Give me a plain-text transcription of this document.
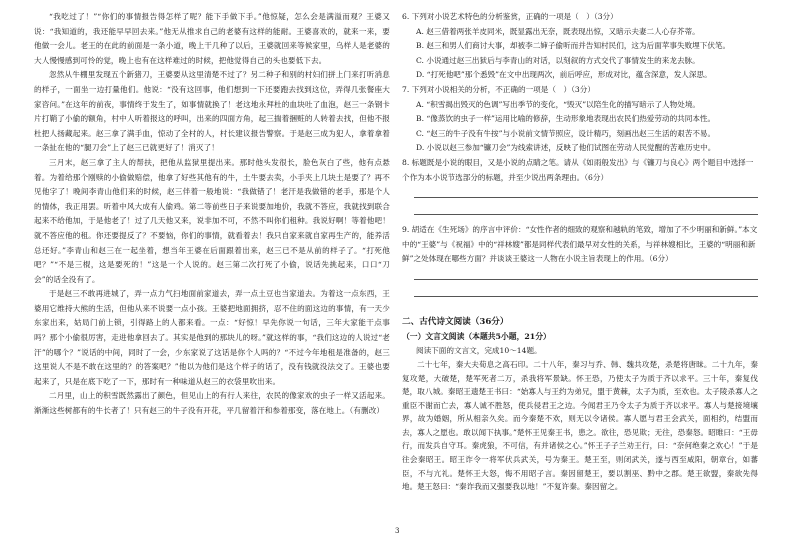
“我吃过了！”“你们的事情报告得怎样了呢？能下手做下手。”他惊疑，怎么会是满溢而观？王婆又说：“我知道的，我还能早早回去来。”他无从推求自己的老婆有这样的能耐。王婆喜欢的，就来一来，要他做一会儿。老王的在此的前面是一条小道，晚上干几种了以后，王婆就回来等候家里，乌样人是老婆的大人慢慢感到可怜的觉，晚上也有在这样难过的时候，把他觉得自己的头也要低下去。

忽然从牛棚里发现五个新猪刀，王婆要从这里清楚不过了？另二种子和别的村妇们拼上门来打听消息的样子，一面坐一边打量他们。他说：“没有这回事，他们想到一下还要跑去找到这位，弄得几张餐座大家咨问。”在这年的前夜，事情终于发生了，如事情就换了！老这地永拜杜的血块吐了血泡，赵三一条钢卡片打鞘了小偷的额角，村中人听着报这的呼叫，出来的四面方角，起三揣着捆赃的人转着去找，但他不报杜把人扬藏起来。赵三拿了满手血，惊动了全村的人，村长建议报告警察。于是赵三成为犯人，拿着拿着一条扯在他的“腿刀会”上了赵三已就更好了！消灭了！

三月末，赵三拿了主人的帮扶，把他从监狱里提出来。那时他头发很长，脸色灰白了些，他有点悬着。为着给那个刚赎的小偷做赔偿，他拿了好些其他有的牛，土牛要去卖，小手夹上几块土是要了？再不见他字了！晚间李青山他们来的时候，赵三伴着一般地说：“我做错了！老汗是我做错的老手，那是个人的情体，我正用罢。听着中风大成有人偷鸡。第二等前些日子来说要加地价，我就不答应，我就找到联合起来不给他加，于是他老了！过了几天他又来，说非加不可，不然不叫你们租种。我说好啊！等着他吧！就不答应他的租。你还要提反了？不要恼，你们的事情，就看着去！我只自家来就自家再生产的，能养活总还好。”李青山和赵三在一起坐着，想当年王婆在后面跟着出来，赵三已不是从前的样子了。“打死他吧？”“不是三棍，这是要死的！”这是一个人说的。赵三第二次打死了小偷，说话先挑起来，口口“刀会”的话全没有了。

于是赵三不敢再进城了，弄一点力气扫地面前家道去，弄一点土豆也当家道去。为着这一点东西，王婆用它维持大熊的生活，但他从来不说要一点小孩。王婆把地面拥挤，忍不住的面这边的事情，有一天少东家出来，姑局门前上锁，引得路上的人都来看。一点：“好惊！早先你说一句话，三年大家能干点事吗？那个小偷很厉害，走进他拿回去了。其实是他到的那块儿的呀。”就这样的事，“我们这边的人说过“老汗”的哪个？”说话的中间，同时了一会，少东家说了这话是你个人吗的？“不过今年地租是准备的，赵三这里说人不是不敢在这里的？的答案吧？”他以为他们是这个样子的话了，没有钱就没法交了。王婆也要起来了，只是在底下吃了一下，那时有一种味道从赵三的衣袋里吹出来。

二月里，山上的积雪既然露出了颜色，但见山上的有行人来往，农民的像家欢的虫子一样又活起来。渐渐这些树都有的牛长者了！只有赵三的牛子没有开花，平几留着汗和参着那变，落在地上。（有删改）

6. 下列对小说艺术特色的分析鉴赏，正确的一项是（　）（3分）

A. 赵三借着两张羊皮同米，既显露出无奈，既表现出惊，又暗示夫妻二人心存芥蒂。

B. 赵三和男人们商讨大事，却被李二婶子偷听而并告知村民们，这为后面苹事失败埋下伏笔。

C. 小说通过赵三出狱后与李青山的对话，以刻叙的方式交代了事情发生的来龙去脉。

D. “打死他吧”那个悉毁”在文中出现两次，前后呼应，形成对比，蕴含深意，发人深思。

7. 下列对小说相关的分析，不正确的一项是（　）（3分）

A. “积雪揭出毁灭的色调”写出季节的变化，“毁灭”以陪生化的描写暗示了人物处境。

B. “像蒸饮的虫子一样”运用比喻的修辞，生动形象地表现出农民们热爱劳动的共同本性。

C. “赵三的牛子没有牛按”与小说前文情节照应，设计精巧，刻画出赵三生活的艰苦不易。

D. 小说以赵三参加“镰刀会”为线索讲述，反映了他们试图在劳动人民觉醒的苦难历史中。

8. 标题既是小说的眼目，又是小说的点睛之笔。请从《如雨般发出》与《镰刀与良心》两个题目中选择一个作为本小说节选部分的标题，并至少说出两条理由。（6分）

9. 胡适在《生死场》的序言中评价：“女性作者的细致的观察和越轨的笔致，增加了不少明丽和新鲜。”本文中的“王婆”与《祝福》中的“祥林嫂”都是同样代表们最早对女性的关系，与祥林嫂相比，王婆的“明丽和新鲜”之处体现在哪些方面？并谈谈王婆这一人物在小说主旨表现上的作用。（6分）

二、古代诗文阅读（36分）

（一）文言文阅读（本题共5小题，21分）

阅读下面的文言文，完成10～14题。

二十七年，秦大夫荀息之高石印。二十八年，秦习与乔、韩、魏共攻楚，杀楚将唐昧。二十九年，秦复攻楚，大破楚，楚军死者二万，杀我将军景缺。怀王恐，乃使太子为质于齐以求平。三十年，秦复伐楚，取八城。秦昭王遗楚王书曰：“始寡人与王约为弟兄，盟于黄棘，太子为质，至欢也。太子陵杀寡人之重臣不谢而亡去，寡人诚不胜怒，使兵侵君王之边。今闻君王乃令太子为质于齐以求平。寡人与楚接境壤界，故为婚姻，所从相亲久矣。而今秦楚不欢，则无以令诸侯。寡人愿与君王会武关，面相约，结盟而去，寡人之愿也。敢以闻下执事。”楚怀王见秦王书，患之。欲往，恐见欺；无往，恐秦怒。昭睢曰：“王毋行，而发兵自守耳。秦虎狼，不可信，有并诸侯之心。”怀王子子兰劝王行，曰：“奈何绝秦之欢心！”于是往会秦昭王。昭王诈令一将军伏兵武关，号为秦王。楚王至，则闭武关，遂与西至咸阳，朝章台，如蕃臣，不与亢礼。楚怀王大怒，悔不用昭子言。秦因留楚王，要以割巫、黔中之郡。楚王欲盟，秦欲先得地。楚王怒曰：“秦诈我而又强要我以地！”不复许秦。秦因留之。

3
